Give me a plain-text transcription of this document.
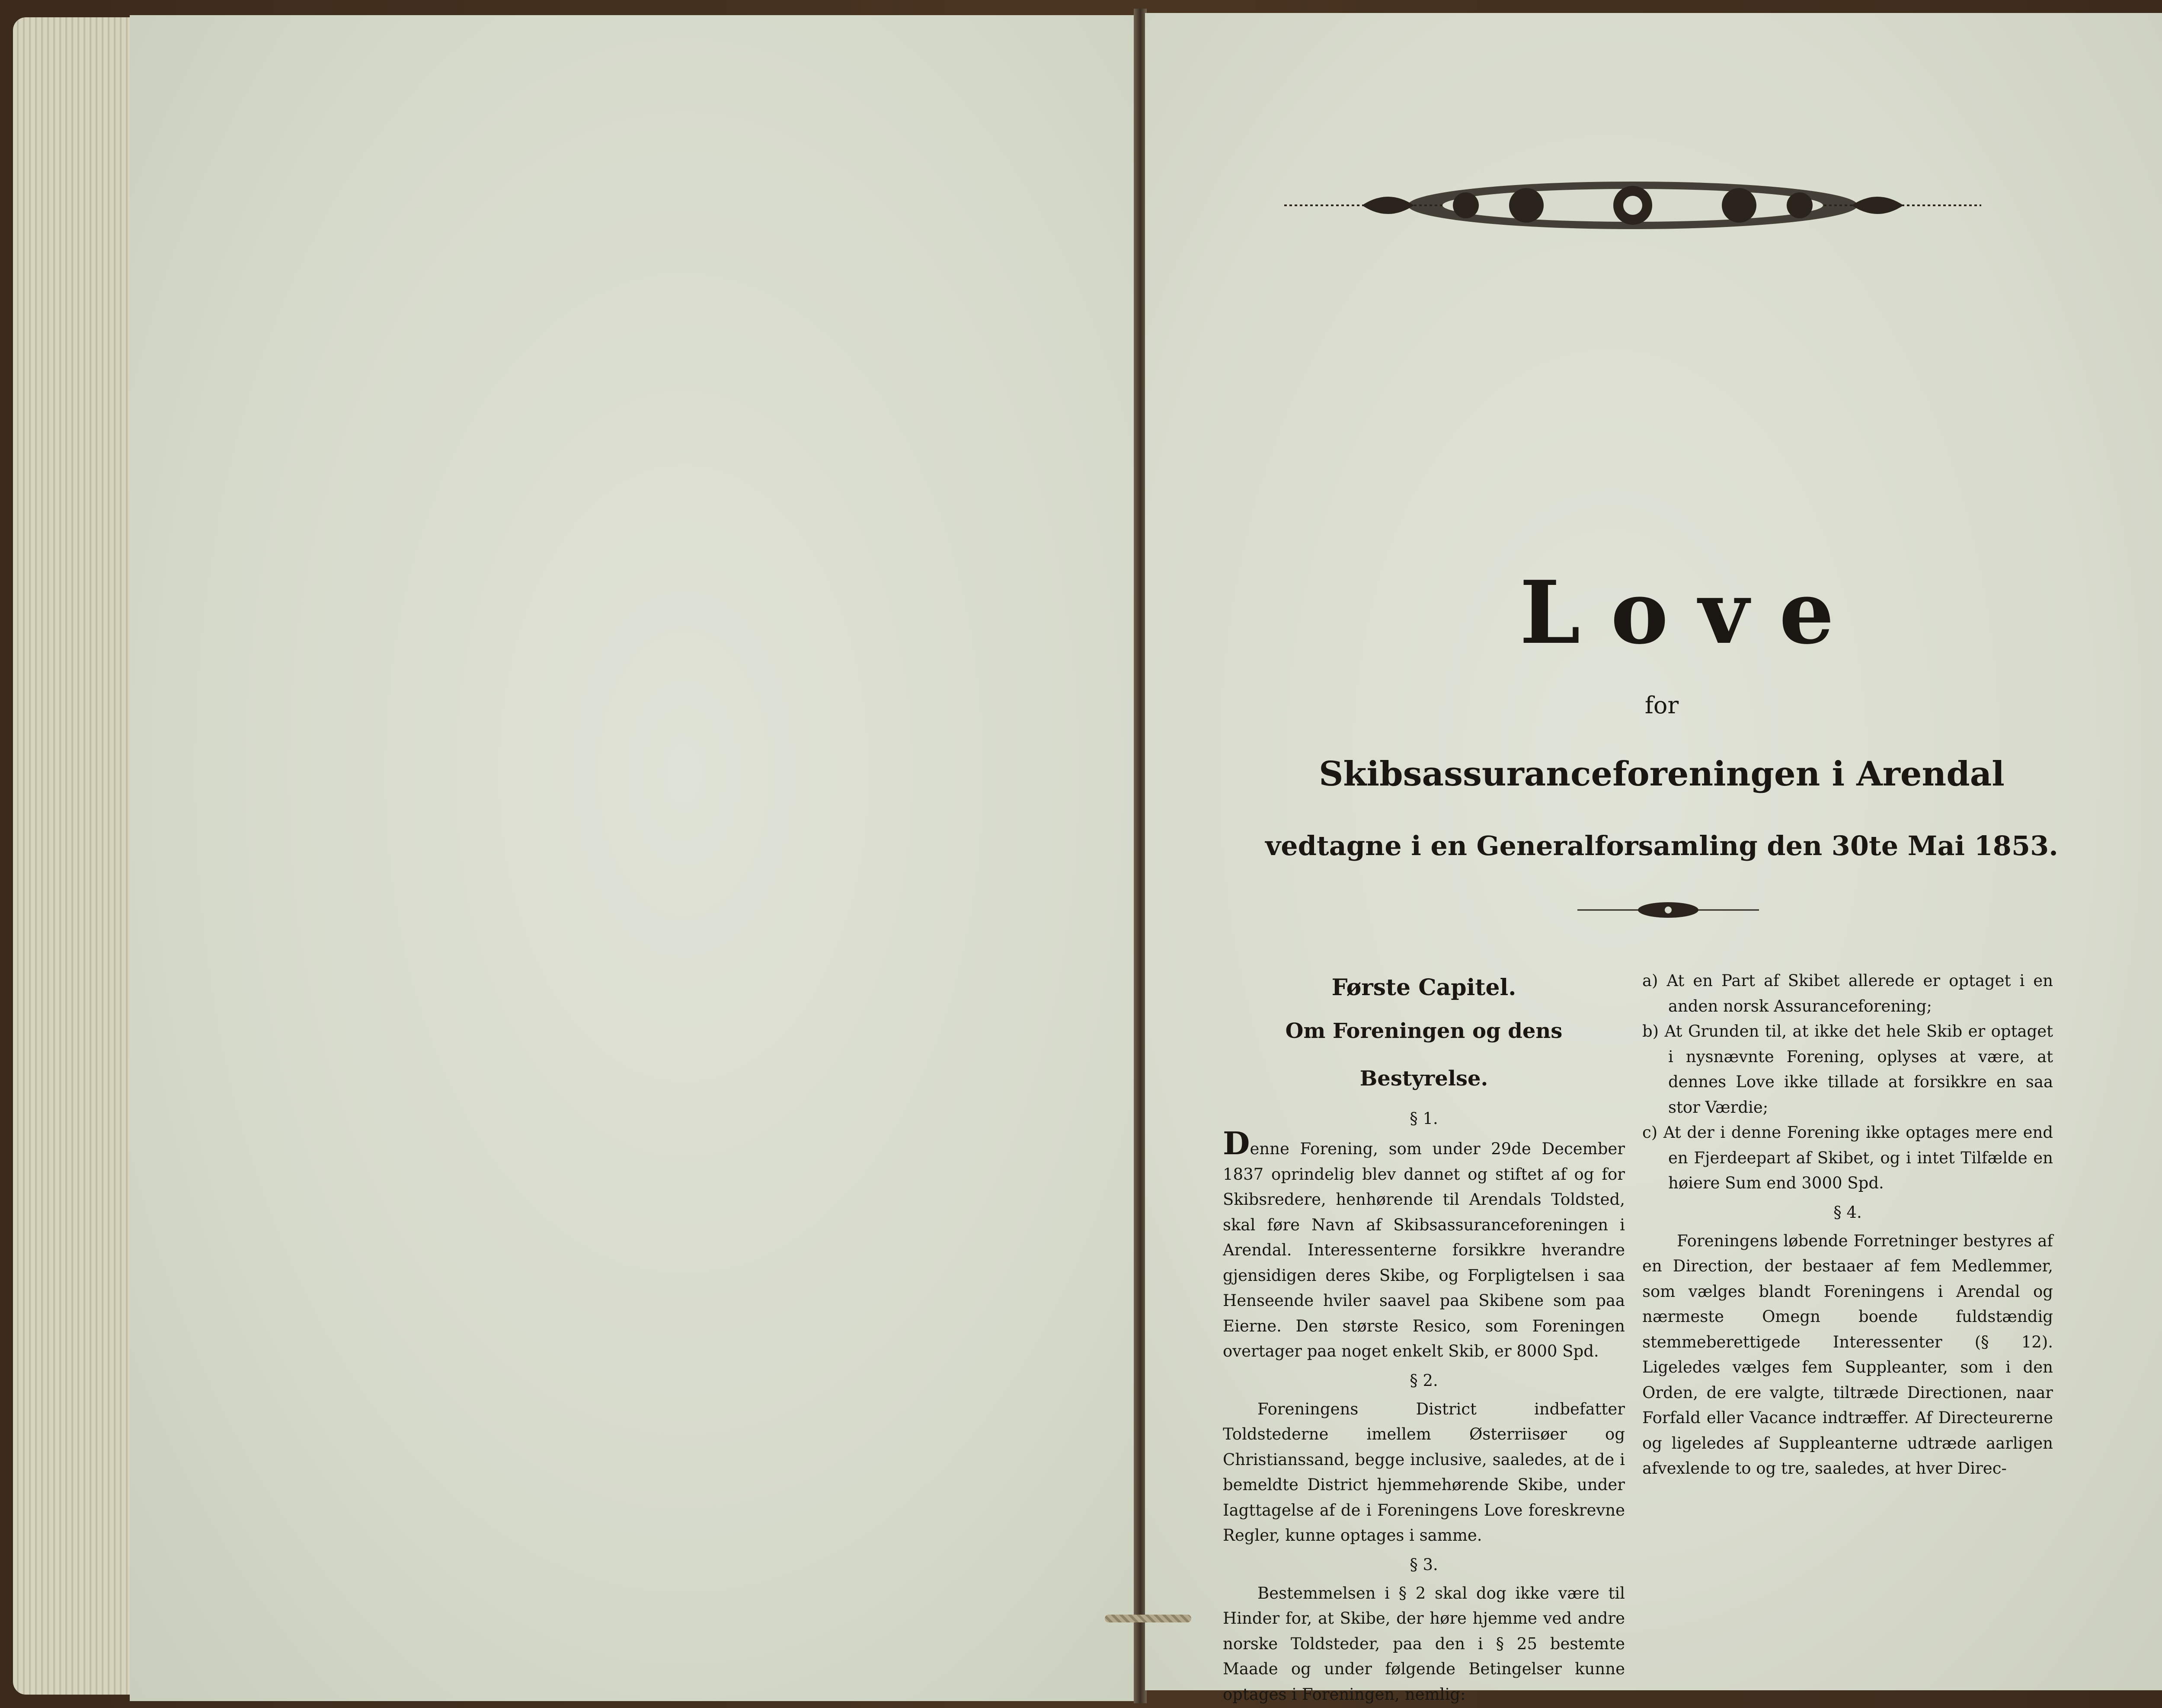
Love
for
Skibsassuranceforeningen i Arendal
vedtagne i en Generalforsamling den 30te Mai 1853.
Første Capitel.
Om Foreningen og dens Bestyrelse.
§ 1.

Denne Forening, som under 29de December 1837 oprindelig blev dannet og stiftet af og for Skibsredere, henhørende til Arendals Toldsted, skal føre Navn af Skibsassuranceforeningen i Arendal. Interessenterne forsikkre hverandre gjensidigen deres Skibe, og Forpligtelsen i saa Henseende hviler saavel paa Skibene som paa Eierne. Den største Resico, som Foreningen overtager paa noget enkelt Skib, er 8000 Spd.

§ 2.

Foreningens District indbefatter Toldstederne imellem Østerriisøer og Christianssand, begge inclusive, saaledes, at de i bemeldte District hjemmehørende Skibe, under Iagttagelse af de i Foreningens Love foreskrevne Regler, kunne optages i samme.

§ 3.

Bestemmelsen i § 2 skal dog ikke være til Hinder for, at Skibe, der høre hjemme ved andre norske Toldsteder, paa den i § 25 bestemte Maade og under følgende Betingelser kunne optages i Foreningen, nemlig:

a) At en Part af Skibet allerede er optaget i en anden norsk Assuranceforening;

b) At Grunden til, at ikke det hele Skib er optaget i nysnævnte Forening, oplyses at være, at dennes Love ikke tillade at forsikkre en saa stor Værdie;

c) At der i denne Forening ikke optages mere end en Fjerdeepart af Skibet, og i intet Tilfælde en høiere Sum end 3000 Spd.

§ 4.

Foreningens løbende Forretninger bestyres af en Direction, der bestaaer af fem Medlemmer, som vælges blandt Foreningens i Arendal og nærmeste Omegn boende fuldstændig stemmeberettigede Interessenter (§ 12). Ligeledes vælges fem Suppleanter, som i den Orden, de ere valgte, tiltræde Directionen, naar Forfald eller Vacance indtræffer. Af Directeurerne og ligeledes af Suppleanterne udtræde aarligen afvexlende to og tre, saaledes, at hver Direc-
